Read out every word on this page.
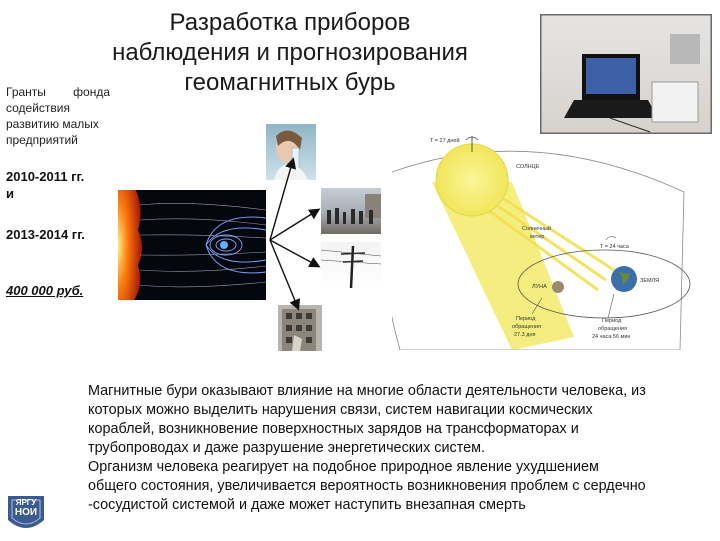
Разработка приборов
наблюдения и прогнозирования
геомагнитных бурь
Гранты фонда
содействия
развитию малых
предприятий
2010-2011 гг.
и
2013-2014 гг.
400 000 руб.
T = 27 дней
СОЛНЦЕ
Солнечный
ветер
T = 24 часа
ЗЕМЛЯ
ЛУНА
Период
обращения
27.3 дня
Период
обращения
24 часа 56 мин
Магнитные бури оказывают влияние на многие области деятельности человека, из
которых можно выделить нарушения связи, систем навигации космических
кораблей, возникновение поверхностных зарядов на трансформаторах и
трубопроводах и даже разрушение энергетических систем.
Организм человека реагирует на подобное природное явление ухудшением
общего состояния, увеличивается вероятность возникновения проблем с сердечно
-сосудистой системой и даже может наступить внезапная смерть
ЯРГУ
НОИ
